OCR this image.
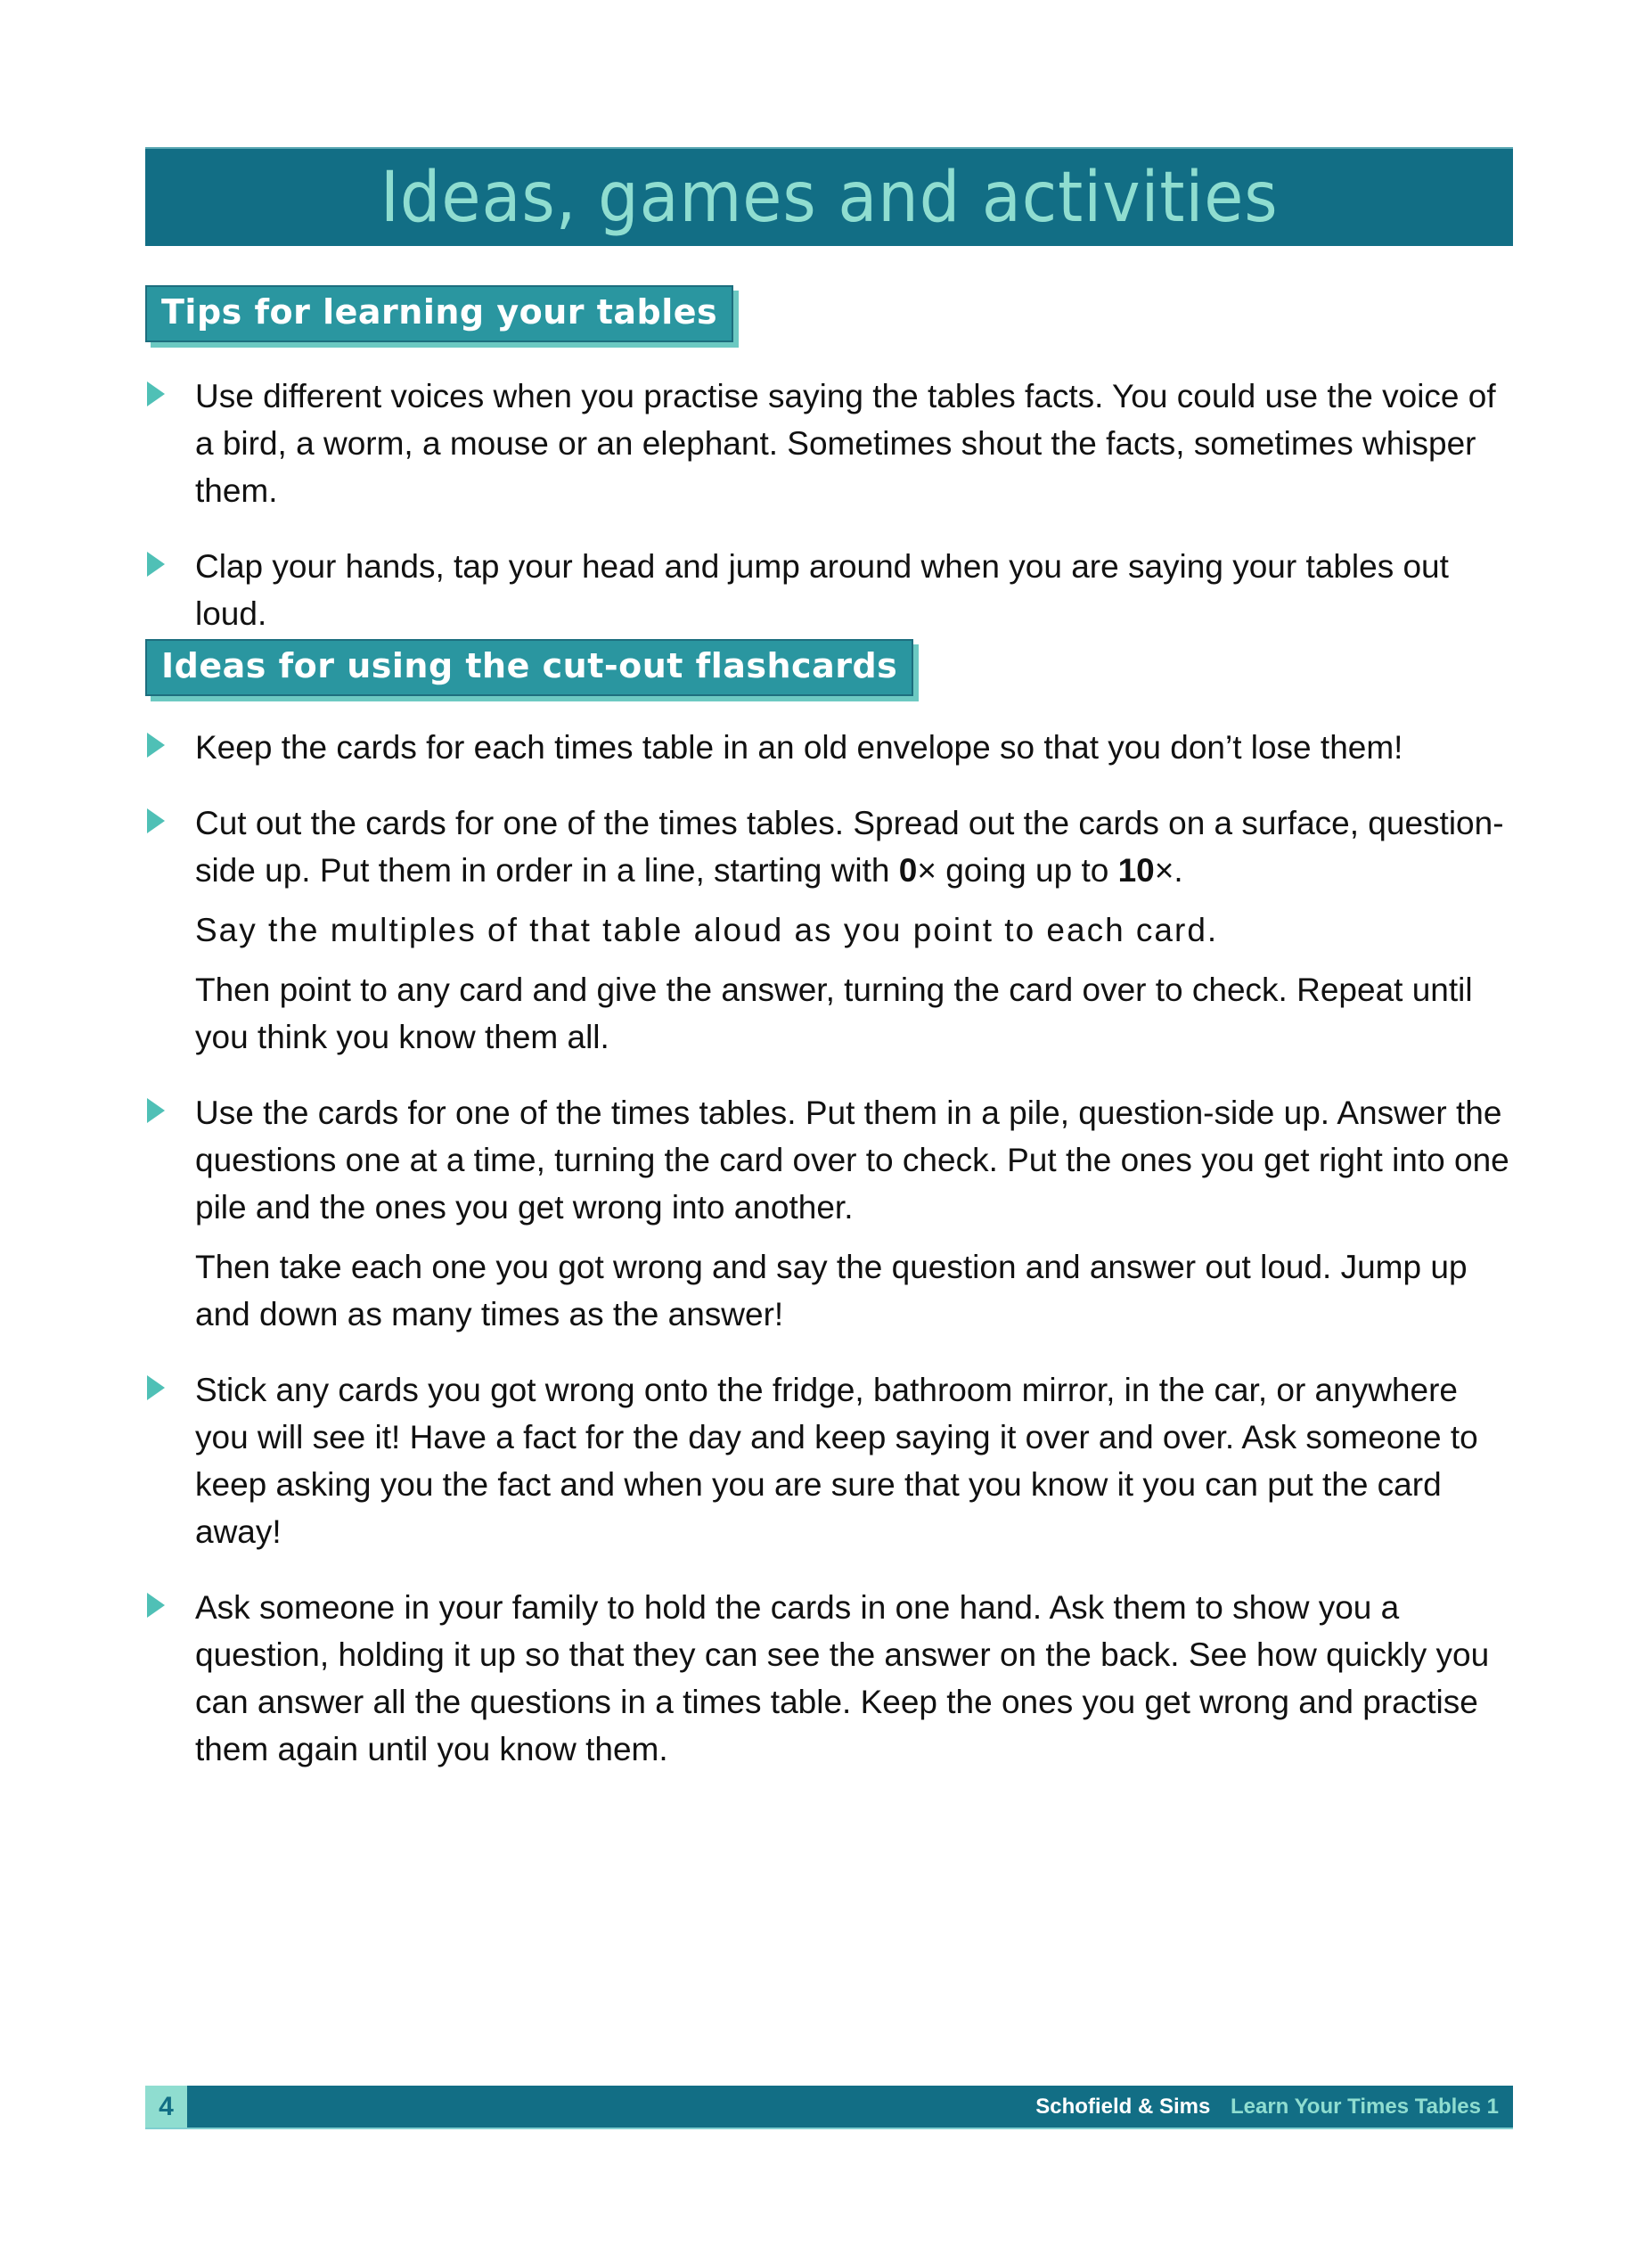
Ideas, games and activities
Tips for learning your tables

Use different voices when you practise saying the tables facts. You could use the voice of a bird, a worm, a mouse or an elephant. Sometimes shout the facts, sometimes whisper them.

Clap your hands, tap your head and jump around when you are saying your tables out loud.

Ideas for using the cut-out flashcards

Keep the cards for each times table in an old envelope so that you don’t lose them!

Cut out the cards for one of the times tables. Spread out the cards on a surface, question-side up. Put them in order in a line, starting with 0× going up to 10×.

Say the multiples of that table aloud as you point to each card.

Then point to any card and give the answer, turning the card over to check. Repeat until you think you know them all.

Use the cards for one of the times tables. Put them in a pile, question-side up. Answer the questions one at a time, turning the card over to check. Put the ones you get right into one pile and the ones you get wrong into another.

Then take each one you got wrong and say the question and answer out loud. Jump up and down as many times as the answer!

Stick any cards you got wrong onto the fridge, bathroom mirror, in the car, or anywhere you will see it! Have a fact for the day and keep saying it over and over. Ask someone to keep asking you the fact and when you are sure that you know it you can put the card away!

Ask someone in your family to hold the cards in one hand. Ask them to show you a question, holding it up so that they can see the answer on the back. See how quickly you can answer all the questions in a times table. Keep the ones you get wrong and practise them again until you know them.

4	Schofield & Sims Learn Your Times Tables 1
